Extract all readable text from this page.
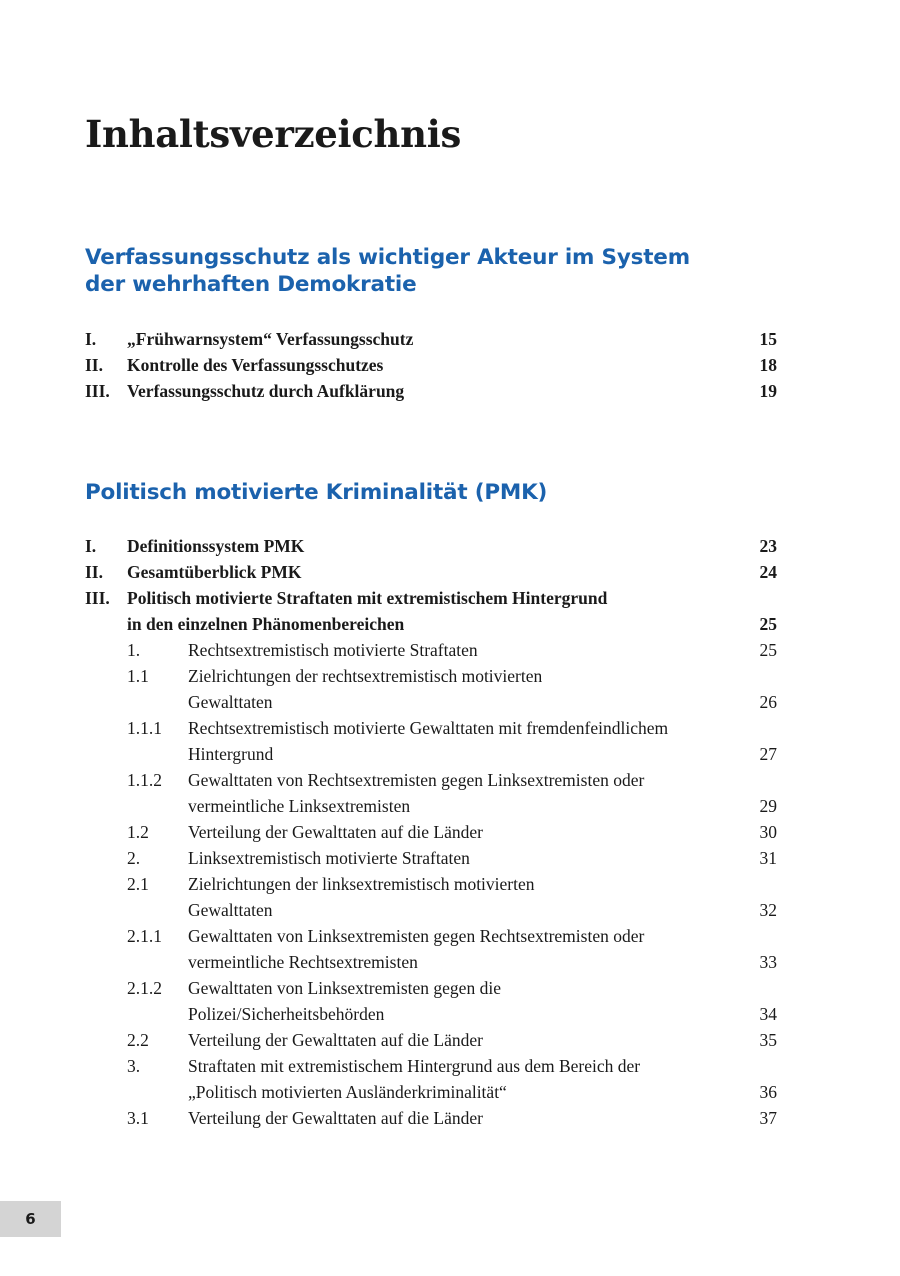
Inhaltsverzeichnis
Verfassungsschutz als wichtiger Akteur im System
der wehrhaften Demokratie
I.	„Frühwarnsystem“ Verfassungsschutz	15
II.	Kontrolle des Verfassungsschutzes	18
III. Verfassungsschutz durch Aufklärung	19
Politisch motivierte Kriminalität (PMK)
I.	Definitionssystem PMK	23
II.	Gesamtüberblick PMK	24
III. Politisch motivierte Straftaten mit extremistischem Hintergrund
in den einzelnen Phänomenbereichen	25
1.	Rechtsextremistisch motivierte Straftaten	25
1.1	Zielrichtungen der rechtsextremistisch motivierten
Gewalttaten	26
1.1.1	Rechtsextremistisch motivierte Gewalttaten mit fremdenfeindlichem
Hintergrund	27
1.1.2	Gewalttaten von Rechtsextremisten gegen Linksextremisten oder
vermeintliche Linksextremisten	29
1.2	Verteilung der Gewalttaten auf die Länder	30
2.	Linksextremistisch motivierte Straftaten	31
2.1	Zielrichtungen der linksextremistisch motivierten
Gewalttaten	32
2.1.1	Gewalttaten von Linksextremisten gegen Rechtsextremisten oder
vermeintliche Rechtsextremisten	33
2.1.2	Gewalttaten von Linksextremisten gegen die
Polizei/Sicherheitsbehörden	34
2.2	Verteilung der Gewalttaten auf die Länder	35
3.	Straftaten mit extremistischem Hintergrund aus dem Bereich der
„Politisch motivierten Ausländerkriminalität“	36
3.1	Verteilung der Gewalttaten auf die Länder	37
6
